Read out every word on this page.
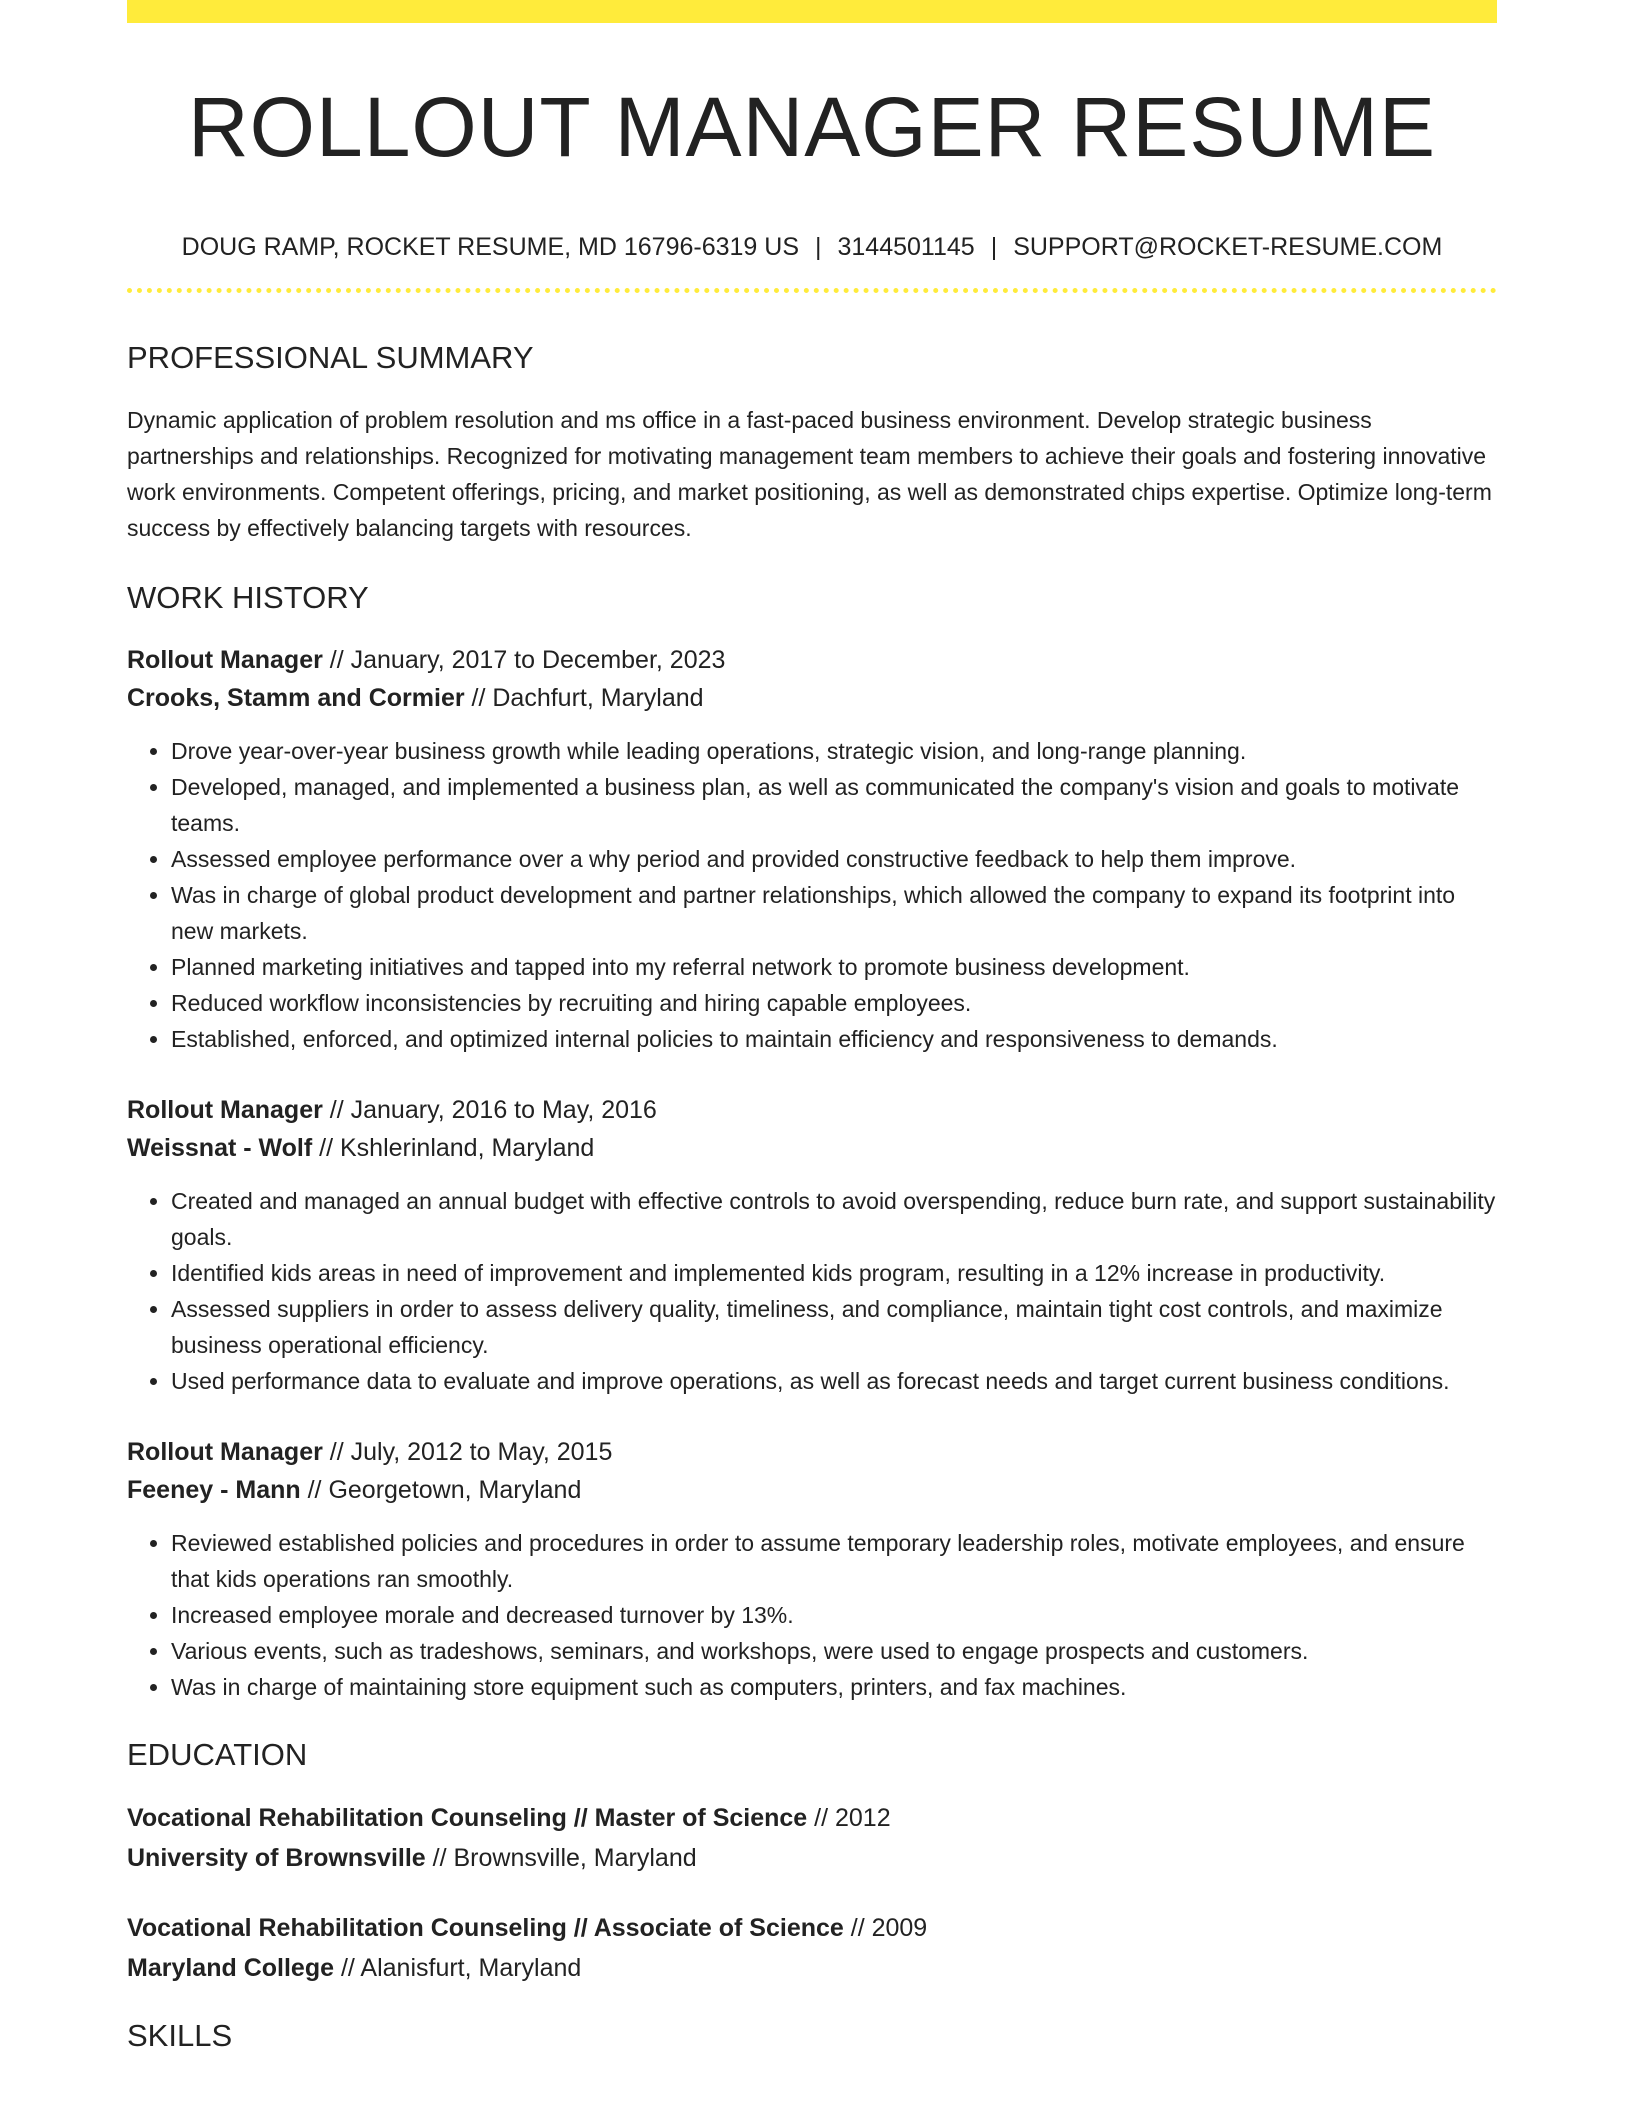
ROLLOUT MANAGER RESUME
DOUG RAMP, ROCKET RESUME, MD 16796-6319 US | 3144501145 | SUPPORT@ROCKET-RESUME.COM
PROFESSIONAL SUMMARY
Dynamic application of problem resolution and ms office in a fast-paced business environment. Develop strategic business partnerships and relationships. Recognized for motivating management team members to achieve their goals and fostering innovative work environments. Competent offerings, pricing, and market positioning, as well as demonstrated chips expertise. Optimize long-term success by effectively balancing targets with resources.
WORK HISTORY
Rollout Manager // January, 2017 to December, 2023
Crooks, Stamm and Cormier // Dachfurt, Maryland
• Drove year-over-year business growth while leading operations, strategic vision, and long-range planning.
• Developed, managed, and implemented a business plan, as well as communicated the company's vision and goals to motivate teams.
• Assessed employee performance over a why period and provided constructive feedback to help them improve.
• Was in charge of global product development and partner relationships, which allowed the company to expand its footprint into new markets.
• Planned marketing initiatives and tapped into my referral network to promote business development.
• Reduced workflow inconsistencies by recruiting and hiring capable employees.
• Established, enforced, and optimized internal policies to maintain efficiency and responsiveness to demands.
Rollout Manager // January, 2016 to May, 2016
Weissnat - Wolf // Kshlerinland, Maryland
• Created and managed an annual budget with effective controls to avoid overspending, reduce burn rate, and support sustainability goals.
• Identified kids areas in need of improvement and implemented kids program, resulting in a 12% increase in productivity.
• Assessed suppliers in order to assess delivery quality, timeliness, and compliance, maintain tight cost controls, and maximize business operational efficiency.
• Used performance data to evaluate and improve operations, as well as forecast needs and target current business conditions.
Rollout Manager // July, 2012 to May, 2015
Feeney - Mann // Georgetown, Maryland
• Reviewed established policies and procedures in order to assume temporary leadership roles, motivate employees, and ensure that kids operations ran smoothly.
• Increased employee morale and decreased turnover by 13%.
• Various events, such as tradeshows, seminars, and workshops, were used to engage prospects and customers.
• Was in charge of maintaining store equipment such as computers, printers, and fax machines.
EDUCATION
Vocational Rehabilitation Counseling // Master of Science // 2012
University of Brownsville // Brownsville, Maryland
Vocational Rehabilitation Counseling // Associate of Science // 2009
Maryland College // Alanisfurt, Maryland
SKILLS
